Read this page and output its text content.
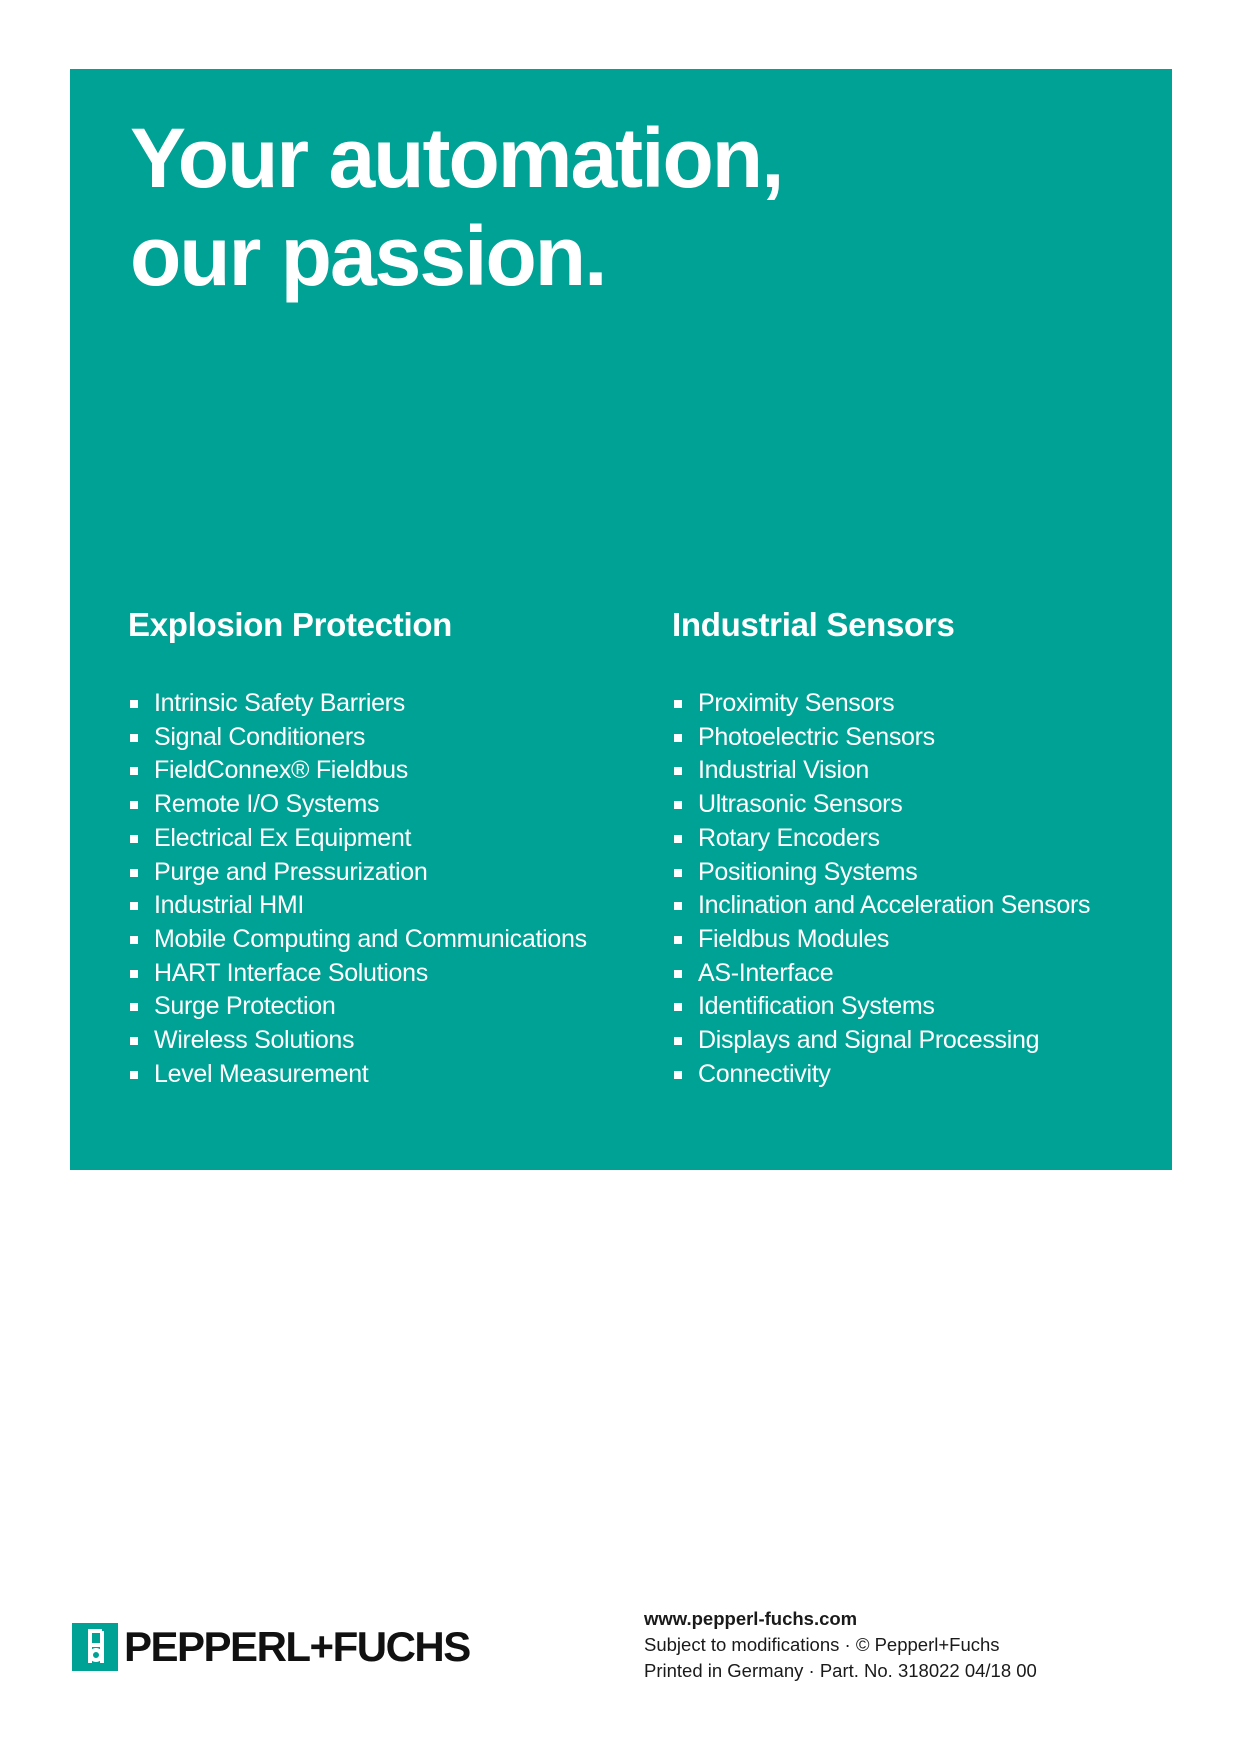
Your automation,
our passion.
Explosion Protection
Intrinsic Safety Barriers
Signal Conditioners
FieldConnex® Fieldbus
Remote I/O Systems
Electrical Ex Equipment
Purge and Pressurization
Industrial HMI
Mobile Computing and Communications
HART Interface Solutions
Surge Protection
Wireless Solutions
Level Measurement
Industrial Sensors
Proximity Sensors
Photoelectric Sensors
Industrial Vision
Ultrasonic Sensors
Rotary Encoders
Positioning Systems
Inclination and Acceleration Sensors
Fieldbus Modules
AS-Interface
Identification Systems
Displays and Signal Processing
Connectivity
PEPPERL+FUCHS
www.pepperl-fuchs.com
Subject to modifications · © Pepperl+Fuchs
Printed in Germany · Part. No. 318022 04/18 00
